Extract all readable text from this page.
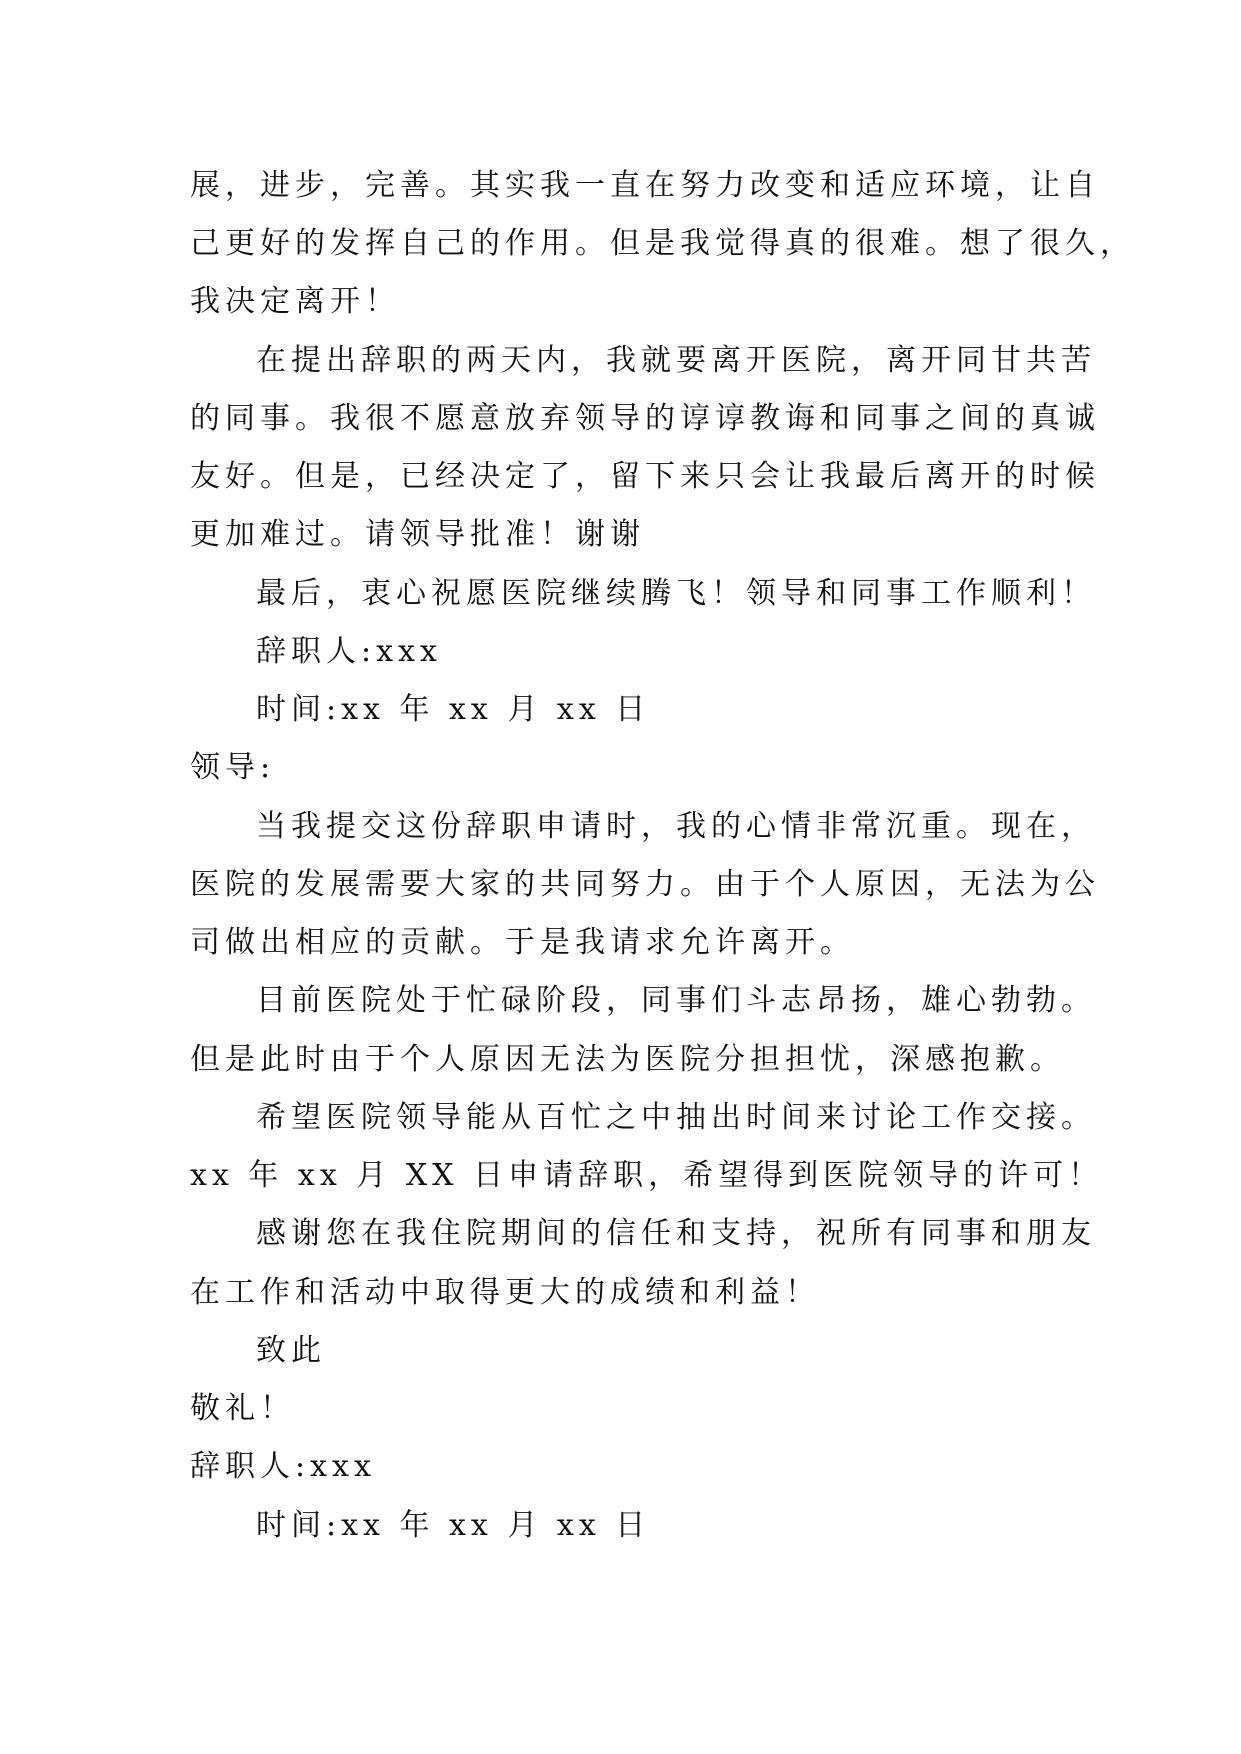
展，进步，完善。其实我一直在努力改变和适应环境，让自
己更好的发挥自己的作用。但是我觉得真的很难。想了很久，
我决定离开！
在提出辞职的两天内，我就要离开医院，离开同甘共苦
的同事。我很不愿意放弃领导的谆谆教诲和同事之间的真诚
友好。但是，已经决定了，留下来只会让我最后离开的时候
更加难过。请领导批准！谢谢
最后，衷心祝愿医院继续腾飞！领导和同事工作顺利！
辞职人:xxx
时间:xx 年 xx 月 xx 日
领导:
当我提交这份辞职申请时，我的心情非常沉重。现在，
医院的发展需要大家的共同努力。由于个人原因，无法为公
司做出相应的贡献。于是我请求允许离开。
目前医院处于忙碌阶段，同事们斗志昂扬，雄心勃勃。
但是此时由于个人原因无法为医院分担担忧，深感抱歉。
希望医院领导能从百忙之中抽出时间来讨论工作交接。
xx 年 xx 月 XX 日申请辞职，希望得到医院领导的许可！
感谢您在我住院期间的信任和支持，祝所有同事和朋友
在工作和活动中取得更大的成绩和利益！
致此
敬礼！
辞职人:xxx
时间:xx 年 xx 月 xx 日
